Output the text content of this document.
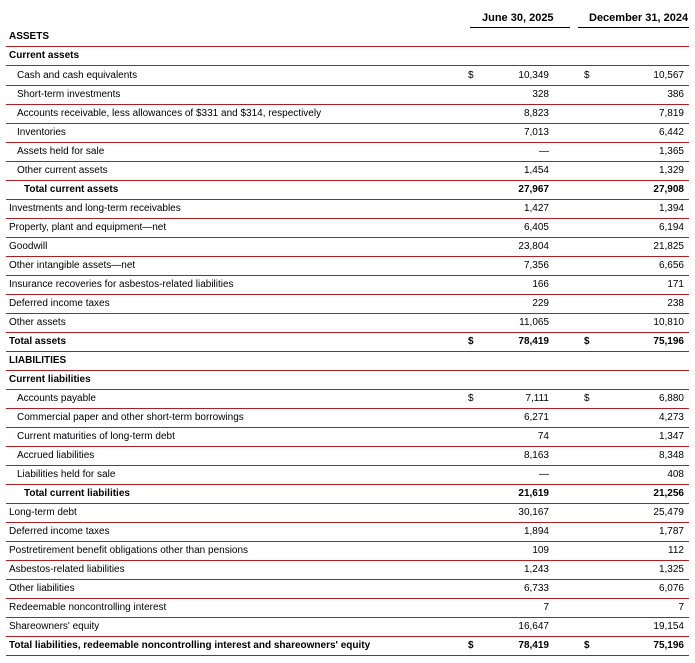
June 30, 2025	December 31, 2024
ASSETS
Current assets
Cash and cash equivalents	$	10,349	$	10,567
Short-term investments	328	386
Accounts receivable, less allowances of $331 and $314, respectively	8,823	7,819
Inventories	7,013	6,442
Assets held for sale	—	1,365
Other current assets	1,454	1,329
Total current assets	27,967	27,908
Investments and long-term receivables	1,427	1,394
Property, plant and equipment—net	6,405	6,194
Goodwill	23,804	21,825
Other intangible assets—net	7,356	6,656
Insurance recoveries for asbestos-related liabilities	166	171
Deferred income taxes	229	238
Other assets	11,065	10,810
Total assets	$	78,419	$	75,196
LIABILITIES
Current liabilities
Accounts payable	$	7,111	$	6,880
Commercial paper and other short-term borrowings	6,271	4,273
Current maturities of long-term debt	74	1,347
Accrued liabilities	8,163	8,348
Liabilities held for sale	—	408
Total current liabilities	21,619	21,256
Long-term debt	30,167	25,479
Deferred income taxes	1,894	1,787
Postretirement benefit obligations other than pensions	109	112
Asbestos-related liabilities	1,243	1,325
Other liabilities	6,733	6,076
Redeemable noncontrolling interest	7	7
Shareowners' equity	16,647	19,154
Total liabilities, redeemable noncontrolling interest and shareowners' equity	$	78,419	$	75,196
